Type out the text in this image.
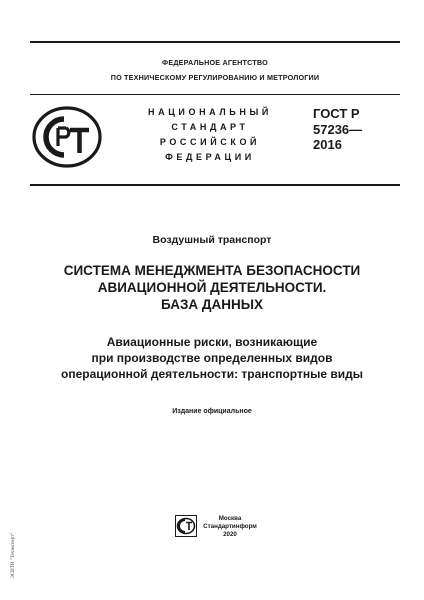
ФЕДЕРАЛЬНОЕ АГЕНТСТВО
ПО ТЕХНИЧЕСКОМУ РЕГУЛИРОВАНИЮ И МЕТРОЛОГИИ
НАЦИОНАЛЬНЫЙ
СТАНДАРТ
РОССИЙСКОЙ
ФЕДЕРАЦИИ
ГОСТ Р
57236—
2016
Воздушный транспорт
СИСТЕМА МЕНЕДЖМЕНТА БЕЗОПАСНОСТИ
АВИАЦИОННОЙ ДЕЯТЕЛЬНОСТИ.
БАЗА ДАННЫХ
Авиационные риски, возникающие
при производстве определенных видов
операционной деятельности: транспортные виды
Издание официальное
Москва
Стандартинформ
2020
ЭСИТИ "Техэксперт"
